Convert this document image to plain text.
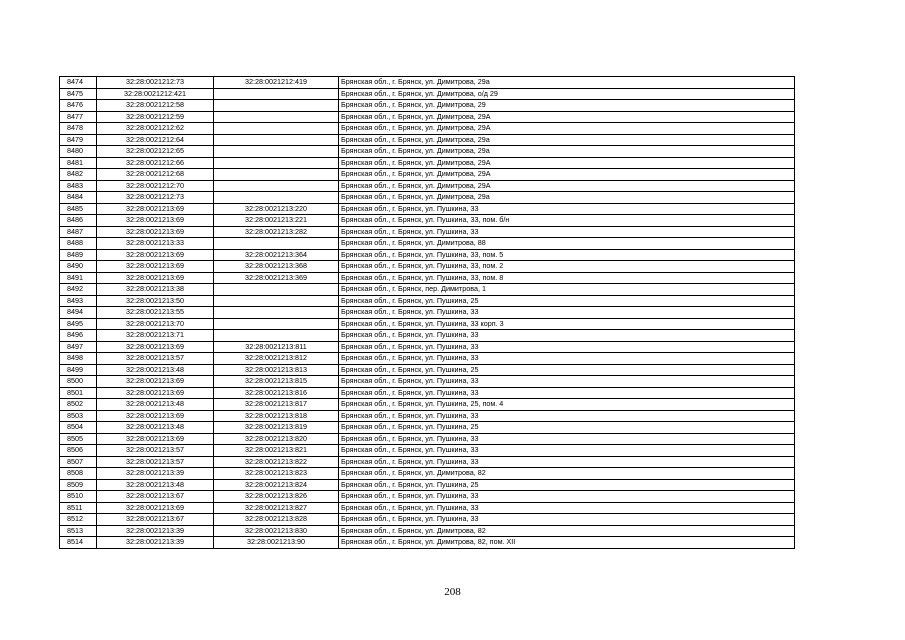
8474	32:28:0021212:73	32:28:0021212:419	Брянская обл., г. Брянск, ул. Димитрова, 29а
8475	32:28:0021212:421		Брянская обл., г. Брянск, ул. Димитрова, о/д 29
8476	32:28:0021212:58		Брянская обл., г. Брянск, ул. Димитрова, 29
8477	32:28:0021212:59		Брянская обл., г. Брянск, ул. Димитрова, 29А
8478	32:28:0021212:62		Брянская обл., г. Брянск, ул. Димитрова, 29А
8479	32:28:0021212:64		Брянская обл., г. Брянск, ул. Димитрова, 29а
8480	32:28:0021212:65		Брянская обл., г. Брянск, ул. Димитрова, 29а
8481	32:28:0021212:66		Брянская обл., г. Брянск, ул. Димитрова, 29А
8482	32:28:0021212:68		Брянская обл., г. Брянск, ул. Димитрова, 29А
8483	32:28:0021212:70		Брянская обл., г. Брянск, ул. Димитрова, 29А
8484	32:28:0021212:73		Брянская обл., г. Брянск, ул. Димитрова, 29а
8485	32:28:0021213:69	32:28:0021213:220	Брянская обл., г. Брянск, ул. Пушкина, 33
8486	32:28:0021213:69	32:28:0021213:221	Брянская обл., г. Брянск, ул. Пушкина, 33, пом. б/н
8487	32:28:0021213:69	32:28:0021213:282	Брянская обл., г. Брянск, ул. Пушкина, 33
8488	32:28:0021213:33		Брянская обл., г. Брянск, ул. Димитрова, 88
8489	32:28:0021213:69	32:28:0021213:364	Брянская обл., г. Брянск, ул. Пушкина, 33, пом. 5
8490	32:28:0021213:69	32:28:0021213:368	Брянская обл., г. Брянск, ул. Пушкина, 33, пом. 2
8491	32:28:0021213:69	32:28:0021213:369	Брянская обл., г. Брянск, ул. Пушкина, 33, пом. 8
8492	32:28:0021213:38		Брянская обл., г. Брянск, пер. Димитрова, 1
8493	32:28:0021213:50		Брянская обл., г. Брянск, ул. Пушкина, 25
8494	32:28:0021213:55		Брянская обл., г. Брянск, ул. Пушкина, 33
8495	32:28:0021213:70		Брянская обл., г. Брянск, ул. Пушкина, 33 корп. 3
8496	32:28:0021213:71		Брянская обл., г. Брянск, ул. Пушкина, 33
8497	32:28:0021213:69	32:28:0021213:811	Брянская обл., г. Брянск, ул. Пушкина, 33
8498	32:28:0021213:57	32:28:0021213:812	Брянская обл., г. Брянск, ул. Пушкина, 33
8499	32:28:0021213:48	32:28:0021213:813	Брянская обл., г. Брянск, ул. Пушкина, 25
8500	32:28:0021213:69	32:28:0021213:815	Брянская обл., г. Брянск, ул. Пушкина, 33
8501	32:28:0021213:69	32:28:0021213:816	Брянская обл., г. Брянск, ул. Пушкина, 33
8502	32:28:0021213:48	32:28:0021213:817	Брянская обл., г. Брянск, ул. Пушкина, 25, пом. 4
8503	32:28:0021213:69	32:28:0021213:818	Брянская обл., г. Брянск, ул. Пушкина, 33
8504	32:28:0021213:48	32:28:0021213:819	Брянская обл., г. Брянск, ул. Пушкина, 25
8505	32:28:0021213:69	32:28:0021213:820	Брянская обл., г. Брянск, ул. Пушкина, 33
8506	32:28:0021213:57	32:28:0021213:821	Брянская обл., г. Брянск, ул. Пушкина, 33
8507	32:28:0021213:57	32:28:0021213:822	Брянская обл., г. Брянск, ул. Пушкина, 33
8508	32:28:0021213:39	32:28:0021213:823	Брянская обл., г. Брянск, ул. Димитрова, 82
8509	32:28:0021213:48	32:28:0021213:824	Брянская обл., г. Брянск, ул. Пушкина, 25
8510	32:28:0021213:67	32:28:0021213:826	Брянская обл., г. Брянск, ул. Пушкина, 33
8511	32:28:0021213:69	32:28:0021213:827	Брянская обл., г. Брянск, ул. Пушкина, 33
8512	32:28:0021213:67	32:28:0021213:828	Брянская обл., г. Брянск, ул. Пушкина, 33
8513	32:28:0021213:39	32:28:0021213:830	Брянская обл., г. Брянск, ул. Димитрова, 82
8514	32:28:0021213:39	32:28:0021213:90	Брянская обл., г. Брянск, ул. Димитрова, 82, пом. XII
208
